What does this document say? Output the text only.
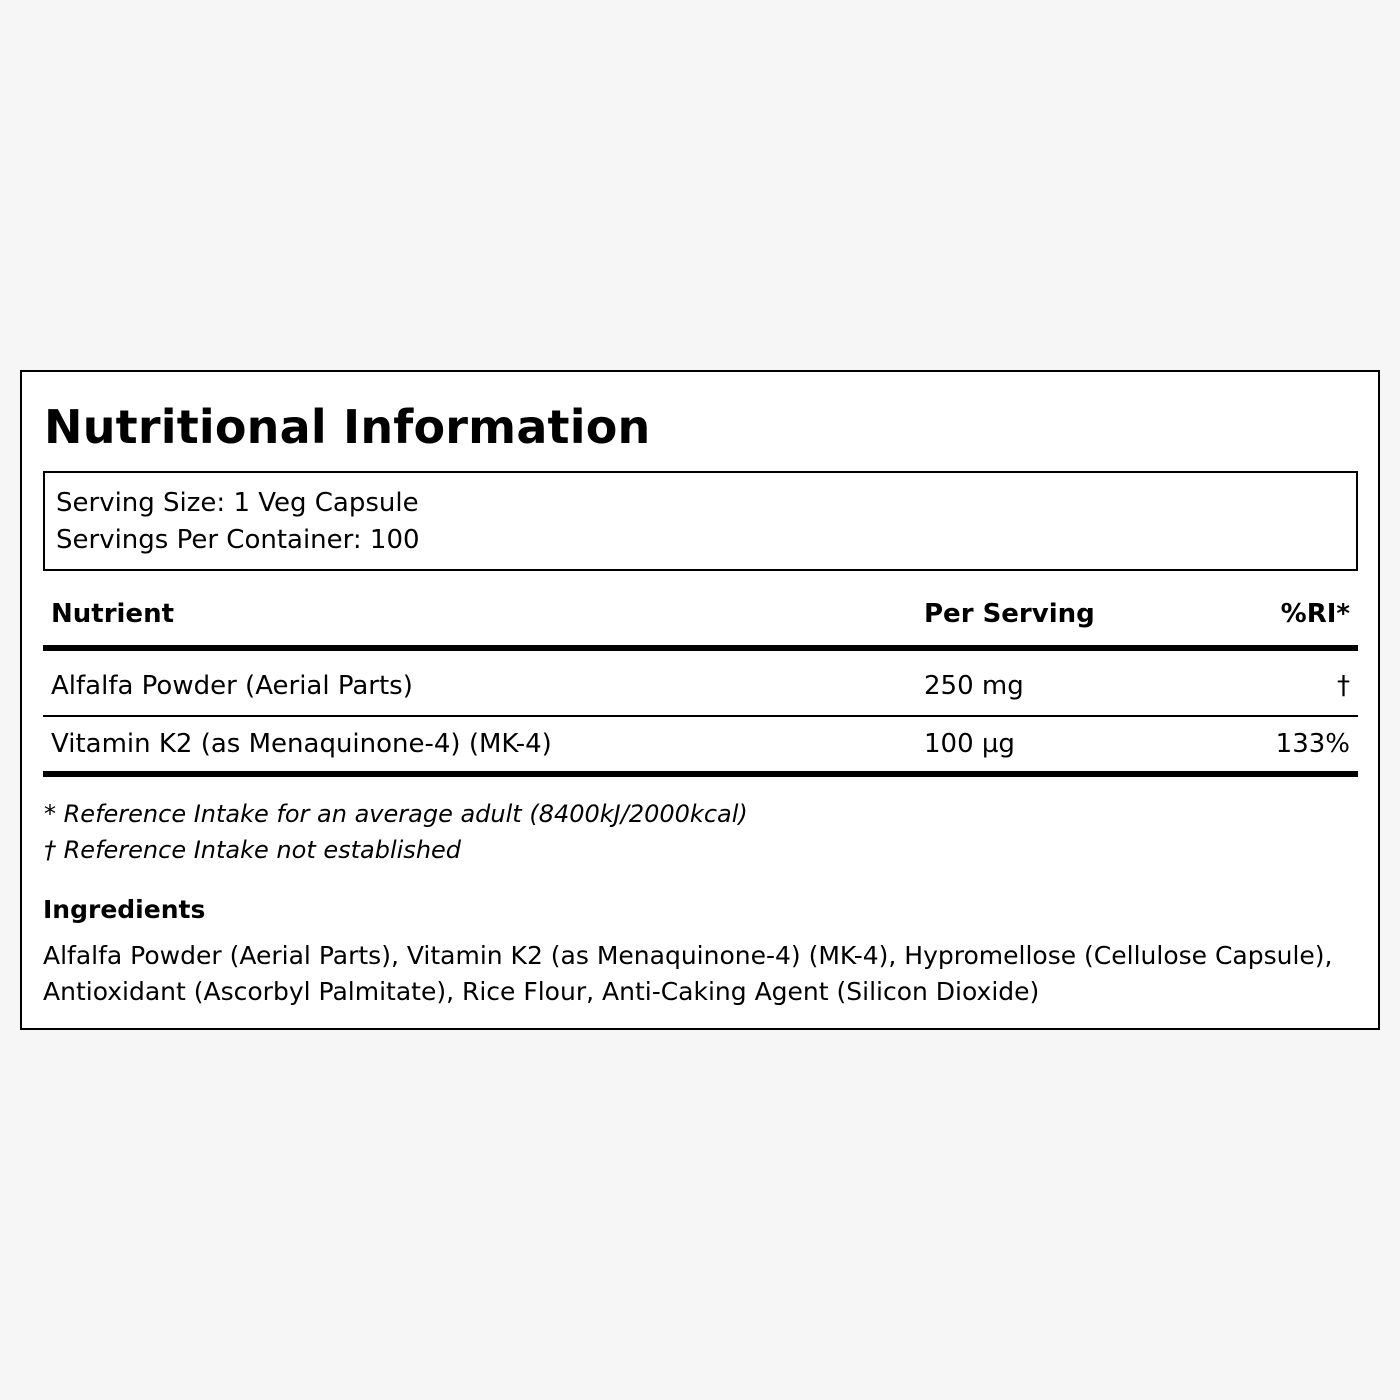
Nutritional Information
Serving Size: 1 Veg Capsule
Servings Per Container: 100
Nutrient	Per Serving	%RI*
Alfalfa Powder (Aerial Parts)	250 mg	†
Vitamin K2 (as Menaquinone-4) (MK-4)	100 µg	133%
* Reference Intake for an average adult (8400kJ/2000kcal)
† Reference Intake not established
Ingredients

Alfalfa Powder (Aerial Parts), Vitamin K2 (as Menaquinone-4) (MK-4), Hypromellose (Cellulose Capsule), Antioxidant (Ascorbyl Palmitate), Rice Flour, Anti-Caking Agent (Silicon Dioxide)
